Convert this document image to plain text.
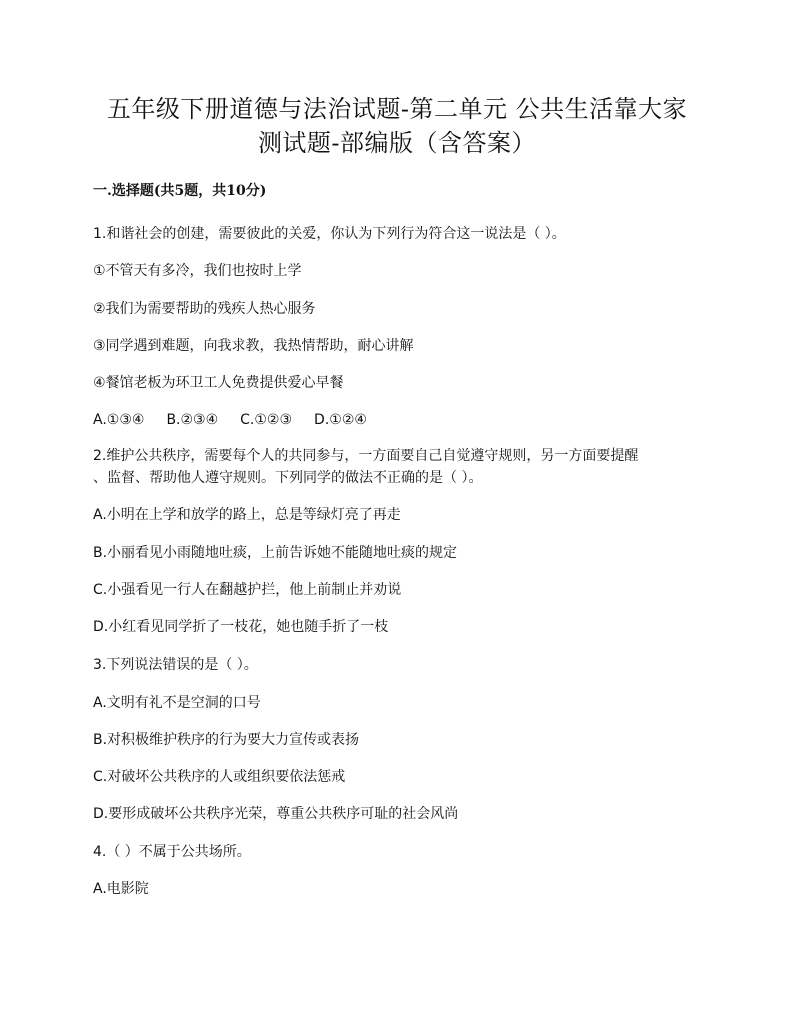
五年级下册道德与法治试题-第二单元 公共生活靠大家
测试题-部编版（含答案）
一.选择题(共5题，共10分)
1.和谐社会的创建，需要彼此的关爱，你认为下列行为符合这一说法是（ ）。
①不管天有多冷，我们也按时上学
②我们为需要帮助的残疾人热心服务
③同学遇到难题，向我求教，我热情帮助，耐心讲解
④餐馆老板为环卫工人免费提供爱心早餐
A.①③④ B.②③④ C.①②③ D.①②④
2.维护公共秩序，需要每个人的共同参与，一方面要自己自觉遵守规则，另一方面要提醒
、监督、帮助他人遵守规则。下列同学的做法不正确的是（ ）。
A.小明在上学和放学的路上，总是等绿灯亮了再走
B.小丽看见小雨随地吐痰，上前告诉她不能随地吐痰的规定
C.小强看见一行人在翻越护拦，他上前制止并劝说
D.小红看见同学折了一枝花，她也随手折了一枝
3.下列说法错误的是（ ）。
A.文明有礼不是空洞的口号
B.对积极维护秩序的行为要大力宣传或表扬
C.对破坏公共秩序的人或组织要依法惩戒
D.要形成破坏公共秩序光荣，尊重公共秩序可耻的社会风尚
4.（ ）不属于公共场所。
A.电影院
